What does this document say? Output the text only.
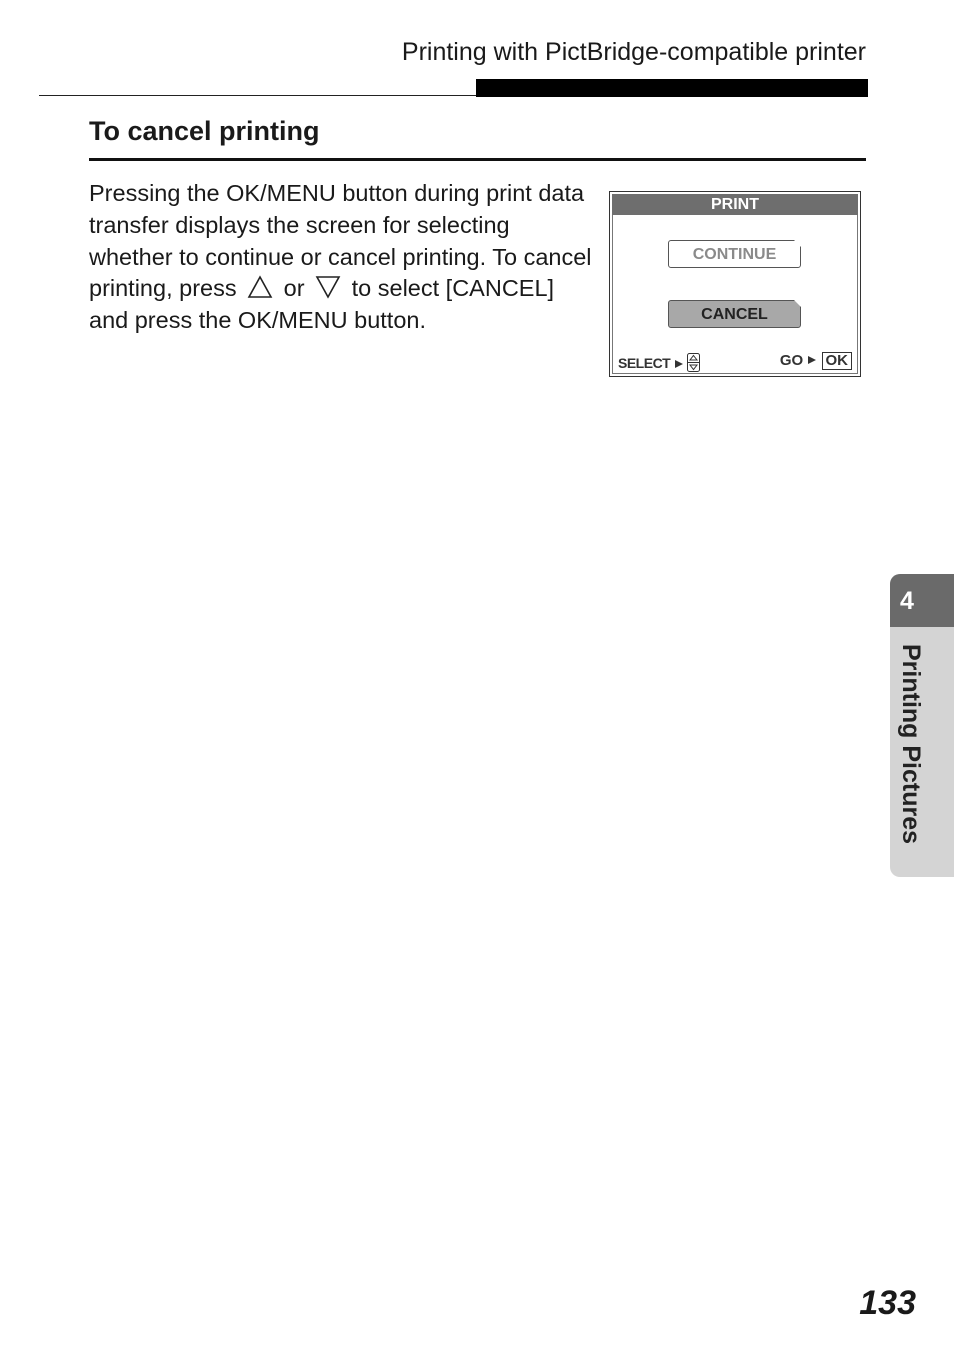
Printing with PictBridge-compatible printer
To cancel printing
Pressing the OK/MENU button during print data transfer displays the screen for selecting whether to continue or cancel printing. To cancel printing, press or to select [CANCEL] and press the OK/MENU button.
PRINT
CONTINUE
CANCEL
SELECT	GO OK
4
Printing Pictures
133
